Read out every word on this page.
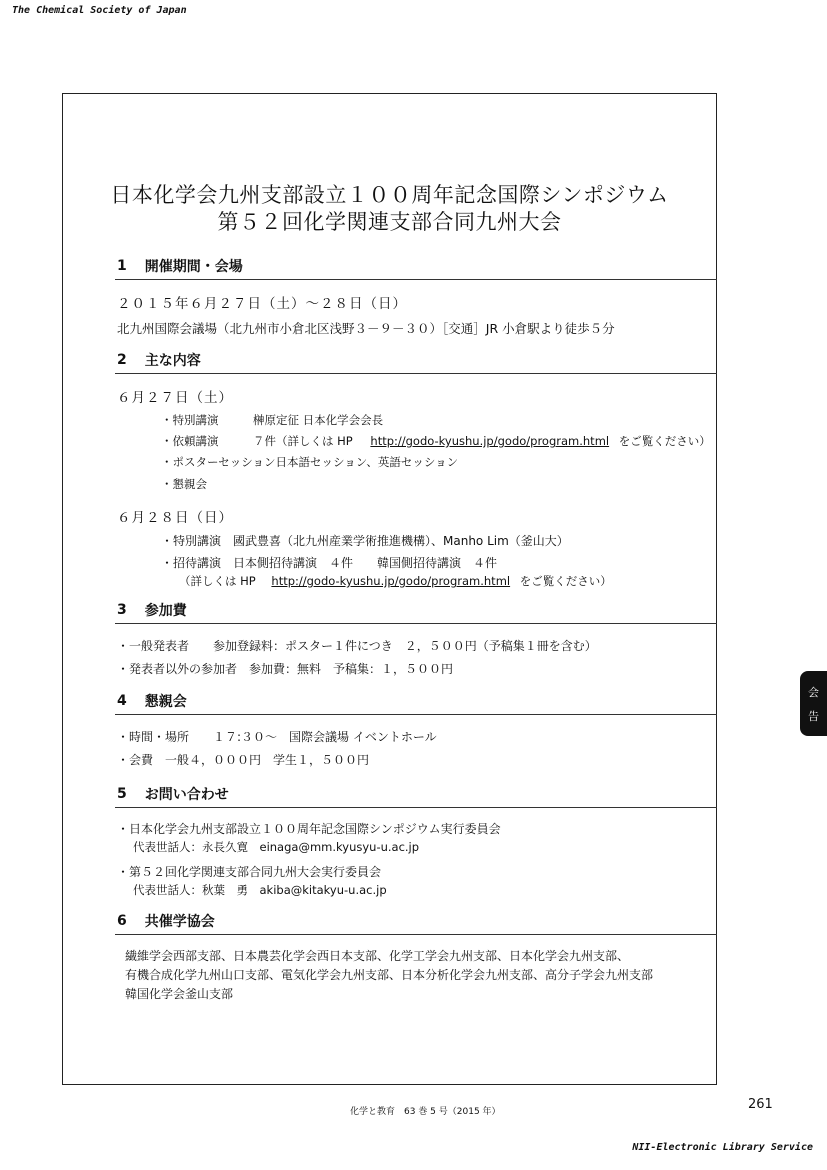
The Chemical Society of Japan
日本化学会九州支部設立１００周年記念国際シンポジウム
第５２回化学関連支部合同九州大会
1 開催期間・会場
２０１５年６月２７日（土）～２８日（日）
北九州国際会議場（北九州市小倉北区浅野３－９－３０）［交通］JR 小倉駅より徒歩５分
2 主な内容
６月２７日（土）
・特別講演　　　榊原定征 日本化学会会長
・依頼講演　　　７件（詳しくは HP http://godo-kyushu.jp/godo/program.html をご覧ください）
・ポスターセッション日本語セッション、英語セッション
・懇親会
６月２８日（日）
・特別講演　國武豊喜（北九州産業学術推進機構）、Manho Lim（釜山大）
・招待講演　日本側招待講演　４件　　韓国側招待講演　４件
（詳しくは HP http://godo-kyushu.jp/godo/program.html をご覧ください）
3 参加費
・一般発表者　　参加登録料：ポスター１件につき　２，５００円（予稿集１冊を含む）
・発表者以外の参加者　参加費：無料　予稿集：１，５００円
4 懇親会
・時間・場所　　１７:３０～　国際会議場 イベントホール
・会費　一般４，０００円　学生１，５００円
5 お問い合わせ
・日本化学会九州支部設立１００周年記念国際シンポジウム実行委員会
代表世話人：永長久寛　einaga@mm.kyusyu-u.ac.jp
・第５２回化学関連支部合同九州大会実行委員会
代表世話人：秋葉　勇　akiba@kitakyu-u.ac.jp
6 共催学協会
繊維学会西部支部、日本農芸化学会西日本支部、化学工学会九州支部、日本化学会九州支部、
有機合成化学九州山口支部、電気化学会九州支部、日本分析化学会九州支部、高分子学会九州支部
韓国化学会釜山支部
会
告
化学と教育　63 巻 5 号（2015 年）	261
NII-Electronic Library Service
